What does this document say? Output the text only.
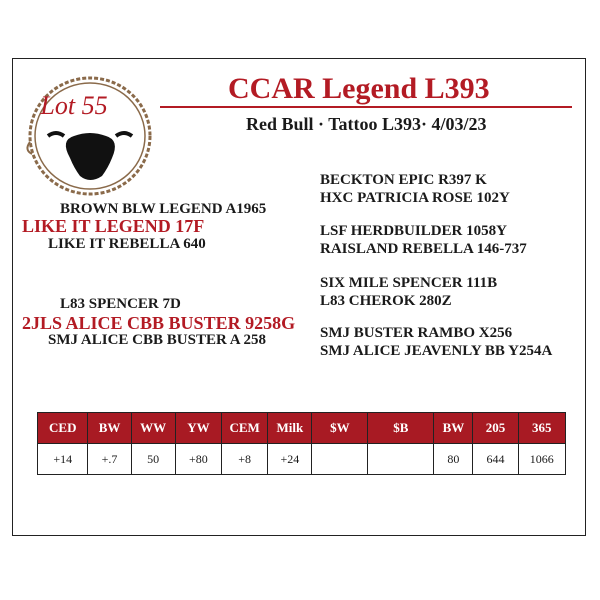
Lot 55
CCAR Legend L393
Red Bull · Tattoo L393· 4/03/23
BROWN BLW LEGEND A1965
LIKE IT LEGEND 17F
LIKE IT REBELLA 640
L83 SPENCER 7D
2JLS ALICE CBB BUSTER 9258G
SMJ ALICE CBB BUSTER A 258
BECKTON EPIC R397 K
HXC PATRICIA ROSE 102Y
LSF HERDBUILDER 1058Y
RAISLAND REBELLA 146-737
SIX MILE SPENCER 111B
L83 CHEROK 280Z
SMJ BUSTER RAMBO X256
SMJ ALICE JEAVENLY BB Y254A
CED	BW	WW	YW	CEM	Milk	$W	$B	BW	205	365
+14	+.7	50	+80	+8	+24			80	644	1066
